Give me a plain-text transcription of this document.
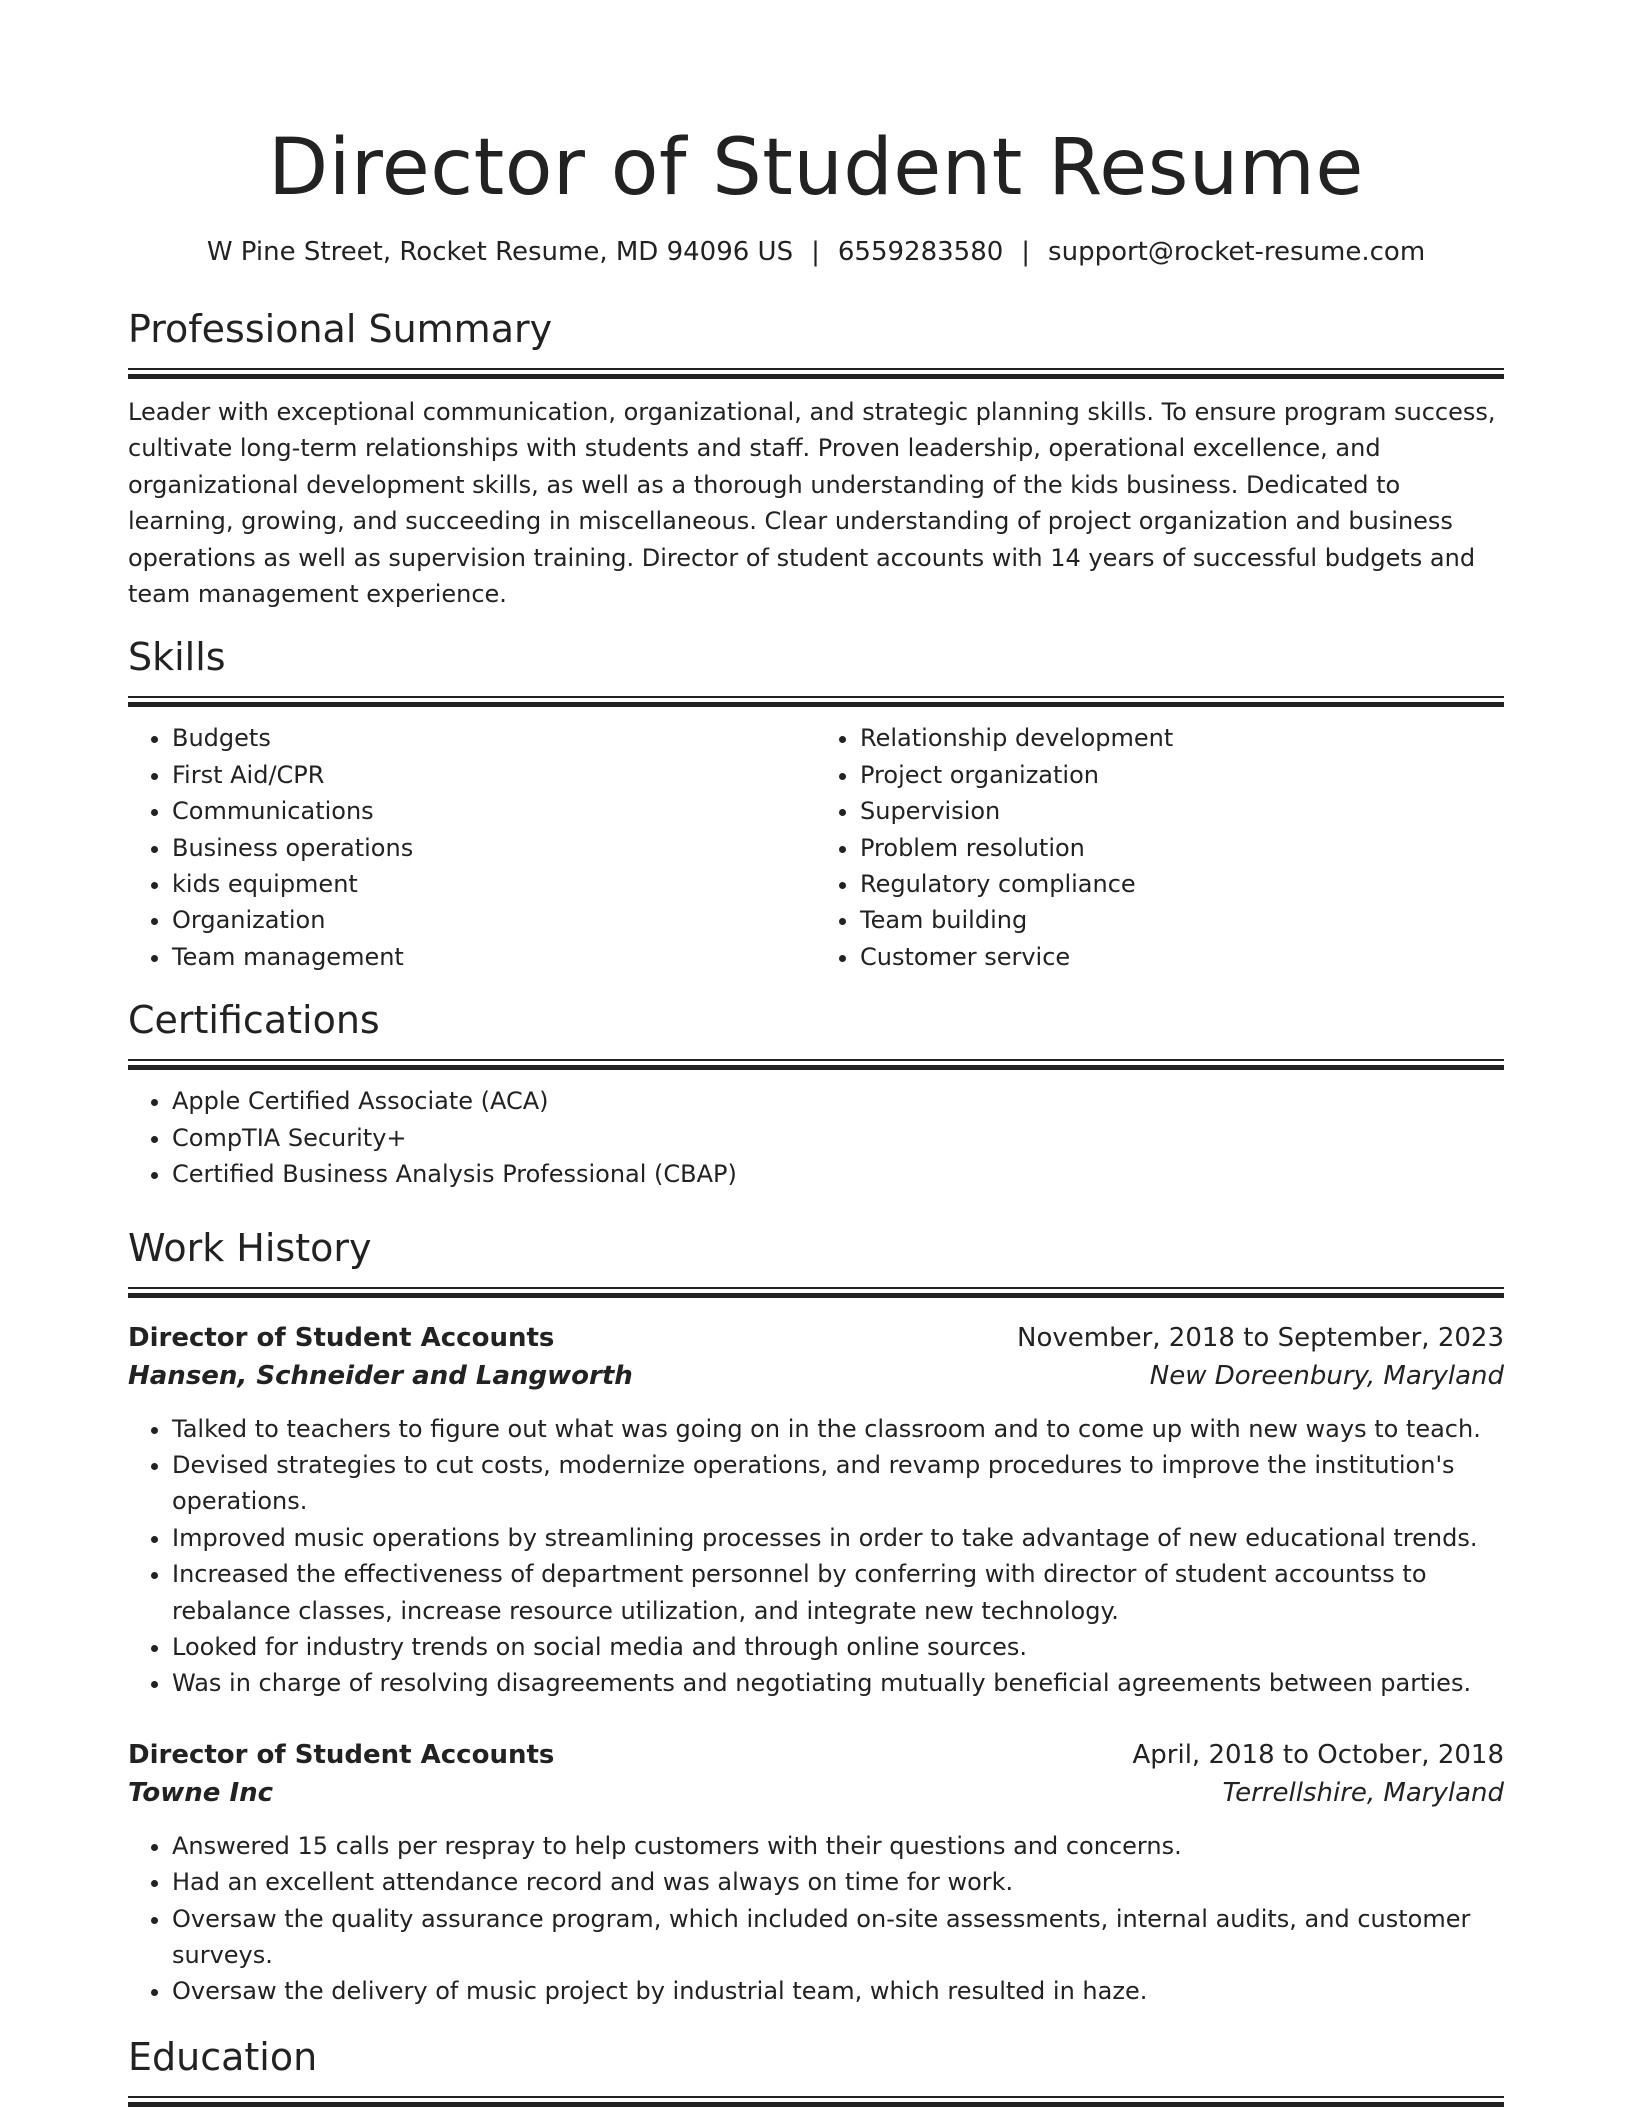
Director of Student Resume
W Pine Street, Rocket Resume, MD 94096 US | 6559283580 | support@rocket-resume.com
Professional Summary
Leader with exceptional communication, organizational, and strategic planning skills. To ensure program success, cultivate long-term relationships with students and staff. Proven leadership, operational excellence, and organizational development skills, as well as a thorough understanding of the kids business. Dedicated to learning, growing, and succeeding in miscellaneous. Clear understanding of project organization and business operations as well as supervision training. Director of student accounts with 14 years of successful budgets and team management experience.
Skills
• Budgets
• First Aid/CPR
• Communications
• Business operations
• kids equipment
• Organization
• Team management
• Relationship development
• Project organization
• Supervision
• Problem resolution
• Regulatory compliance
• Team building
• Customer service
Certifications
• Apple Certified Associate (ACA)
• CompTIA Security+
• Certified Business Analysis Professional (CBAP)
Work History
Director of Student Accounts	November, 2018 to September, 2023
Hansen, Schneider and Langworth	New Doreenbury, Maryland
• Talked to teachers to figure out what was going on in the classroom and to come up with new ways to teach.
• Devised strategies to cut costs, modernize operations, and revamp procedures to improve the institution's operations.
• Improved music operations by streamlining processes in order to take advantage of new educational trends.
• Increased the effectiveness of department personnel by conferring with director of student accountss to rebalance classes, increase resource utilization, and integrate new technology.
• Looked for industry trends on social media and through online sources.
• Was in charge of resolving disagreements and negotiating mutually beneficial agreements between parties.
Director of Student Accounts	April, 2018 to October, 2018
Towne Inc	Terrellshire, Maryland
• Answered 15 calls per respray to help customers with their questions and concerns.
• Had an excellent attendance record and was always on time for work.
• Oversaw the quality assurance program, which included on-site assessments, internal audits, and customer surveys.
• Oversaw the delivery of music project by industrial team, which resulted in haze.
Education
